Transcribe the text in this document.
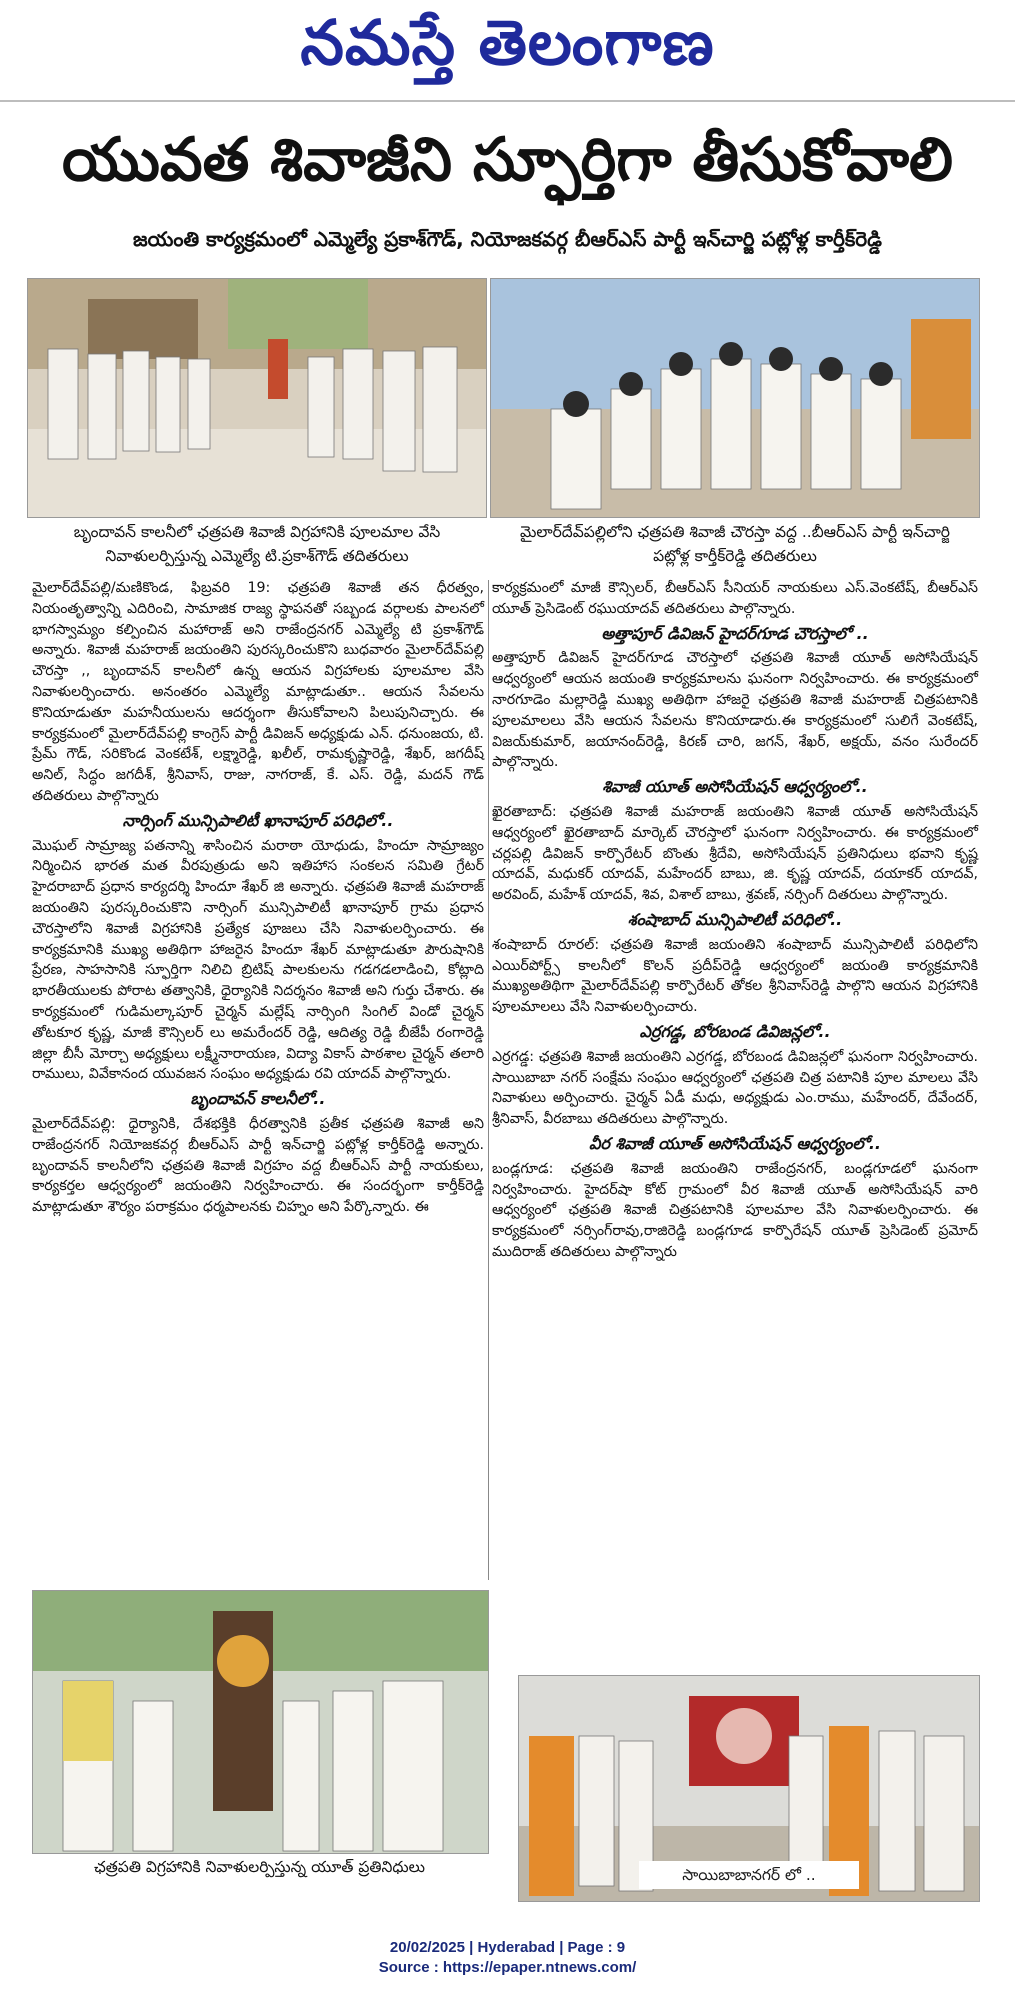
నమస్తే తెలంగాణ
యువత శివాజీని స్ఫూర్తిగా తీసుకోవాలి
జయంతి కార్యక్రమంలో ఎమ్మెల్యే ప్రకాశ్‌గౌడ్, నియోజకవర్గ బీఆర్ఎస్ పార్టీ ఇన్‌చార్జి పట్లోళ్ల కార్తీక్‌రెడ్డి
బృందావన్ కాలనీలో ఛత్రపతి శివాజీ విగ్రహానికి పూలమాల వేసి నివాళులర్పిస్తున్న ఎమ్మెల్యే టి.ప్రకాశ్‌గౌడ్ తదితరులు
మైలార్‌దేవ్‌పల్లిలోని ఛత్రపతి శివాజీ చౌరస్తా వద్ద ..బీఆర్ఎస్ పార్టీ ఇన్‌చార్జి పట్లోళ్ల కార్తీక్‌రెడ్డి తదితరులు

మైలార్‌దేవ్‌పల్లి/మణికొండ, ఫిబ్రవరి 19: ఛత్రపతి శివాజీ తన ధీరత్వం, నియంతృత్వాన్ని ఎదిరించి, సామాజిక రాజ్య స్థాపనతో సబ్బండ వర్గాలకు పాలనలో భాగస్వామ్యం కల్పించిన మహారాజ్ అని రాజేంద్రనగర్ ఎమ్మెల్యే టి ప్రకాశ్‌గౌడ్ అన్నారు. శివాజీ మహరాజ్ జయంతిని పురస్కరించుకొని బుధవారం మైలార్‌దేవ్‌పల్లి చౌరస్తా ,, బృందావన్ కాలనీలో ఉన్న ఆయన విగ్రహాలకు పూలమాల వేసి నివాళులర్పించారు. అనంతరం ఎమ్మెల్యే మాట్లాడుతూ.. ఆయన సేవలను కొనియాడుతూ మహనీయులను ఆదర్శంగా తీసుకోవాలని పిలుపునిచ్చారు. ఈ కార్యక్రమంలో మైలార్‌దేవ్‌పల్లి కాంగ్రెస్ పార్టీ డివిజన్ అధ్యక్షుడు ఎన్. ధనుంజయ, టి. ప్రేమ్ గౌడ్, సరికొండ వెంకటేశ్, లక్ష్మారెడ్డి, ఖలీల్, రామకృష్ణారెడ్డి, శేఖర్, జగదీష్ అనిల్, సిద్ధం జగదీశ్, శ్రీనివాస్, రాజు, నాగరాజ్, కే. ఎస్. రెడ్డి, మదన్ గౌడ్ తదితరులు పాల్గొన్నారు

నార్సింగ్ మున్సిపాలిటీ ఖానాపూర్ పరిధిలో..

మొఘల్ సామ్రాజ్య పతనాన్ని శాసించిన మరాఠా యోధుడు, హిందూ సామ్రాజ్యం నిర్మించిన భారత మత వీరపుత్రుడు అని ఇతిహాస సంకలన సమితి గ్రేటర్ హైదరాబాద్ ప్రధాన కార్యదర్శి హిందూ శేఖర్ జి అన్నారు. ఛత్రపతి శివాజీ మహరాజ్ జయంతిని పురస్కరించుకొని నార్సింగ్ మున్సిపాలిటీ ఖానాపూర్ గ్రామ ప్రధాన చౌరస్తాలోని శివాజీ విగ్రహానికి ప్రత్యేక పూజలు చేసి నివాళులర్పించారు. ఈ కార్యక్రమానికి ముఖ్య అతిథిగా హాజరైన హిందూ శేఖర్ మాట్లాడుతూ పౌరుషానికి ప్రేరణ, సాహసానికి స్ఫూర్తిగా నిలిచి బ్రిటిష్ పాలకులను గడగడలాడించి, కోట్లాది భారతీయులకు పోరాట తత్వానికి, ధైర్యానికి నిదర్శనం శివాజీ అని గుర్తు చేశారు. ఈ కార్యక్రమంలో గుడిమల్కాపూర్ చైర్మన్ మల్లేష్ నార్సింగి సింగిల్ విండో చైర్మన్ తోటకూర కృష్ణ, మాజీ కౌన్సిలర్ లు అమరేందర్ రెడ్డి, ఆదిత్య రెడ్డి బీజేపీ రంగారెడ్డి జిల్లా బీసీ మోర్చా అధ్యక్షులు లక్ష్మీనారాయణ, విద్యా వికాస్ పాఠశాల చైర్మన్ తలారి రాములు, వివేకానంద యువజన సంఘం అధ్యక్షుడు రవి యాదవ్ పాల్గొన్నారు.

బృందావన్ కాలనీలో..

మైలార్‌దేవ్‌పల్లి: ధైర్యానికి, దేశభక్తికి ధీరత్వానికి ప్రతీక ఛత్రపతి శివాజీ అని రాజేంద్రనగర్ నియోజకవర్గ బీఆర్ఎస్ పార్టీ ఇన్‌చార్జి పట్లోళ్ల కార్తీక్‌రెడ్డి అన్నారు. బృందావన్ కాలనీలోని ఛత్రపతి శివాజీ విగ్రహం వద్ద బీఆర్ఎస్ పార్టీ నాయకులు, కార్యకర్తల ఆధ్వర్యంలో జయంతిని నిర్వహించారు. ఈ సందర్భంగా కార్తీక్‌రెడ్డి మాట్లాడుతూ శౌర్యం పరాక్రమం ధర్మపాలనకు చిహ్నం అని పేర్కొన్నారు. ఈ

కార్యక్రమంలో మాజీ కౌన్సిలర్, బీఆర్ఎస్ సీనియర్ నాయకులు ఎస్.వెంకటేష్, బీఆర్ఎస్ యూత్ ప్రెసిడెంట్ రఘుయాదవ్ తదితరులు పాల్గొన్నారు.

అత్తాపూర్ డివిజన్ హైదర్‌గూడ చౌరస్తాలో ..

అత్తాపూర్ డివిజన్ హైదర్‌గూడ చౌరస్తాలో ఛత్రపతి శివాజీ యూత్ అసోసియేషన్ ఆధ్వర్యంలో ఆయన జయంతి కార్యక్రమాలను ఘనంగా నిర్వహించారు. ఈ కార్యక్రమంలో నారగూడెం మల్లారెడ్డి ముఖ్య అతిథిగా హాజరై ఛత్రపతి శివాజీ మహరాజ్ చిత్రపటానికి పూలమాలలు వేసి ఆయన సేవలను కొనియాడారు.ఈ కార్యక్రమంలో సులిగే వెంకటేష్, విజయ్‌కుమార్, జయానంద్‌రెడ్డి, కిరణ్ చారి, జగన్, శేఖర్, అక్షయ్, వనం సురేందర్ పాల్గొన్నారు.

శివాజీ యూత్ అసోసియేషన్ ఆధ్వర్యంలో..

ఖైరతాబాద్: ఛత్రపతి శివాజీ మహరాజ్ జయంతిని శివాజీ యూత్ అసోసియేషన్ ఆధ్వర్యంలో ఖైరతాబాద్ మార్కెట్ చౌరస్తాలో ఘనంగా నిర్వహించారు. ఈ కార్యక్రమంలో చర్లపల్లి డివిజన్ కార్పొరేటర్ బొంతు శ్రీదేవి, అసోసియేషన్ ప్రతినిధులు భవాని కృష్ణ యాదవ్, మధుకర్ యాదవ్, మహేందర్ బాబు, జి. కృష్ణ యాదవ్, దయాకర్ యాదవ్, అరవింద్, మహేశ్ యాదవ్, శివ, విశాల్ బాబు, శ్రవణ్, నర్సింగ్ దితరులు పాల్గొన్నారు.

శంషాబాద్ మున్సిపాలిటీ పరిధిలో..

శంషాబాద్ రూరల్: ఛత్రపతి శివాజీ జయంతిని శంషాబాద్ మున్సిపాలిటీ పరిధిలోని ఎయిర్‌పోర్ట్స్ కాలనీలో కొలన్ ప్రదీప్‌రెడ్డి ఆధ్వర్యంలో జయంతి కార్యక్రమానికి ముఖ్యఅతిథిగా మైలార్‌దేవ్‌పల్లి కార్పొరేటర్ తోకల శ్రీనివాస్‌రెడ్డి పాల్గొని ఆయన విగ్రహానికి పూలమాలలు వేసి నివాళులర్పించారు.

ఎర్రగడ్డ, బోరబండ డివిజన్లలో..

ఎర్రగడ్డ: ఛత్రపతి శివాజీ జయంతిని ఎర్రగడ్డ, బోరబండ డివిజన్లలో ఘనంగా నిర్వహించారు. సాయిబాబా నగర్ సంక్షేమ సంఘం ఆధ్వర్యంలో ఛత్రపతి చిత్ర పటానికి పూల మాలలు వేసి నివాళులు అర్పించారు. చైర్మన్ ఏడీ మధు, అధ్యక్షుడు ఎం.రాము, మహేందర్, దేవేందర్, శ్రీనివాస్, వీరబాబు తదితరులు పాల్గొన్నారు.

వీర శివాజీ యూత్ అసోసియేషన్ ఆధ్వర్యంలో..

బండ్లగూడ: ఛత్రపతి శివాజీ జయంతిని రాజేంద్రనగర్, బండ్లగూడలో ఘనంగా నిర్వహించారు. హైదర్‌షా కోట్ గ్రామంలో వీర శివాజీ యూత్ అసోసియేషన్ వారి ఆధ్వర్యంలో ఛత్రపతి శివాజీ చిత్రపటానికి పూలమాల వేసి నివాళులర్పించారు. ఈ కార్యక్రమంలో నర్సింగ్‌రావు,రాజిరెడ్డి బండ్లగూడ కార్పొరేషన్ యూత్ ప్రెసిడెంట్ ప్రమోద్ ముదిరాజ్ తదితరులు పాల్గొన్నారు

ఛత్రపతి విగ్రహానికి నివాళులర్పిస్తున్న యూత్ ప్రతినిధులు	సాయిబాబానగర్ లో ..
20/02/2025 | Hyderabad | Page : 9
Source : https://epaper.ntnews.com/
